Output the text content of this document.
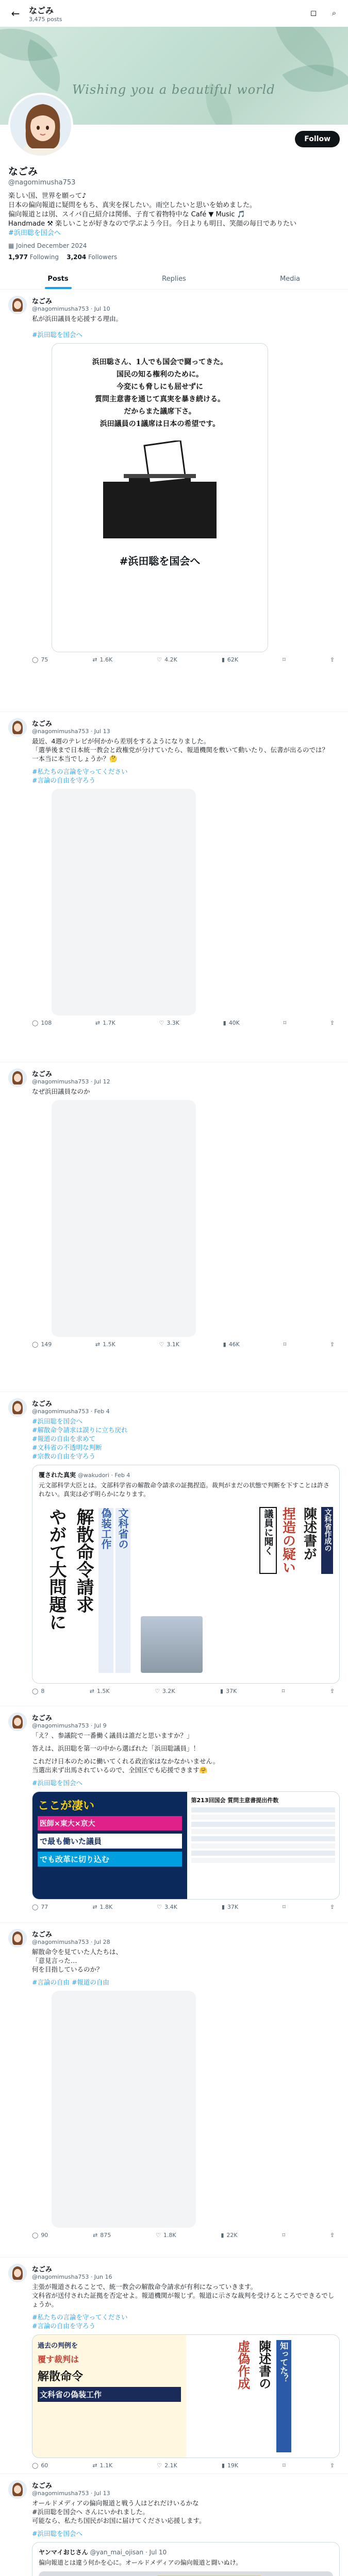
←	なごみ
3,475 posts
◻	⌕
Wishing you a beautiful world
Follow
なごみ
@nagomimusha753
楽しい国、世界を願って♪
日本の偏向報道に疑問をもち、真実を探したい。雨空したいと思いを始めました。
偏向報道とは別、スイバ自己紹介は関係、子育て着物特中な Café ▼ Music 🎵
Handmade ⚒ 楽しいことが好きなので学ぶよう今日。今日よりも明日、笑顔の毎日でありたい
#浜田聡を国会へ
▦ Joined December 2024
1,977 Following 3,204 Followers
Posts	Replies	Media
なごみ
@nagomimusha753 · Jul 10
私が浜田議員を応援する理由。
#浜田聡を国会へ
浜田聡さん、1人でも国会で闘ってきた。
国民の知る権利のために。
今変にも脅しにも屈せずに
質問主意書を通じて真実を暴き続ける。
だからまた議席下さ。
浜田議員の1議席は日本の希望です。
#浜田聡を国会へ
◯ 75	⇄ 1.6K	♡ 4.2K	▮ 62K	⌑	⇪
なごみ
@nagomimusha753 · Jul 13
最近、4週のテレビが何かから差別をするようになりました。
「選挙後まで日本統一教会と政権党が分けていたら、報道機関を敷いて動いたり、伝書が出るのでは？
一本当に本当でしょうか？🤔
#私たちの言論を守ってください
#言論の自由を守ろう
◯ 108	⇄ 1.7K	♡ 3.3K	▮ 40K	⌑	⇪
なごみ
@nagomimusha753 · Jul 12
なぜ浜田議員なのか
◯ 149	⇄ 1.5K	♡ 3.1K	▮ 46K	⌑	⇪
なごみ
@nagomimusha753 · Feb 4
#浜田聡を国会へ
#解散命令請求は誤りに立ち戻れ
#報道の自由を求めて
#文科省の不透明な判断
#宗教の自由を守ろう
覆された真実 @wakudori · Feb 4
元文部科学大臣とは。文部科学省の解散命令請求の証拠捏造。裁判がまだの状態で判断を下すことは許されない。真実は必ず明らかになります。
やがて大問題に 解散命令請求 偽装工作 文科省の	議員に聞く 捏造の疑い 陳述書が 文科省作成の
◯ 8	⇄ 1.5K	♡ 3.2K	▮ 37K	⌑	⇪
なごみ
@nagomimusha753 · Jul 9
「え？、参議院で一番働く議員は誰だと思いますか？」
答えは、浜田聡を第一の中から選ばれた「浜田聡議員」！
これだけ日本のために働いてくれる政治家はなかなかいません。
当選出来ず出馬されているので、全国区でも応援できます🤗
#浜田聡を国会へ
ここが凄い
医師×東大×京大
で最も働いた議員
でも改革に切り込む
第213回国会 質問主意書提出件数
◯ 77	⇄ 1.8K	♡ 3.4K	▮ 37K	⌑	⇪
なごみ
@nagomimusha753 · Jul 28
解散命令を見ていた人たちは、
「意見言った…
何を目指しているのか？
#言論の自由 #報道の自由
◯ 90	⇄ 875	♡ 1.8K	▮ 22K	⌑	⇪
なごみ
@nagomimusha753 · Jun 16
主張が報道されることで、統一教会の解散命令請求が有利になっていきます。
文科省が送付された証拠を否定せよ。報道機関が報じず。報道に示さな裁判を受けるところでできるでしょうか。
#私たちの言論を守ってください
#言論の自由を守ろう
過去の判例を
覆す裁判は
解散命令
文科省の偽装工作
虚偽作成 陳述書の 知ってた？
◯ 60	⇄ 1.1K	♡ 2.1K	▮ 19K	⌑	⇪
なごみ
@nagomimusha753 · Jul 13
オールドメディアの偏向報道と戦う人はどれだけいるかな
#浜田聡を国会へ さんにいかれました。
可能なら、私たち国民がお国に届けてください応援します。
#浜田聡を国会へ
ヤンマイおじさん @yan_mai_ojisan · Jul 10
偏向報道とは違う何かを心に。オールドメディアの偏向報道と闘いぬけ。
